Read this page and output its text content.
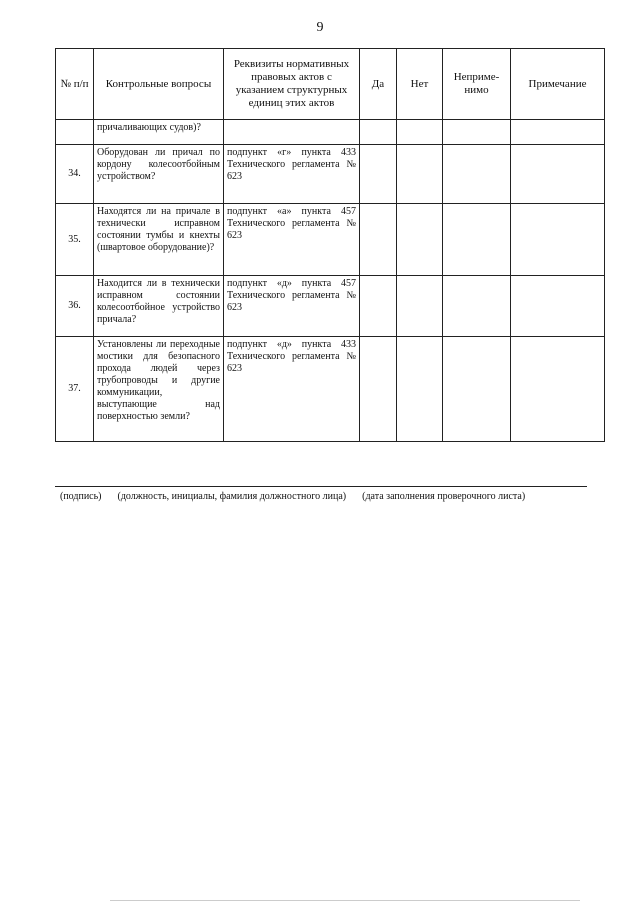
9
№ п/п	Контрольные вопросы	Реквизиты нормативных правовых актов с указанием структурных единиц этих актов	Да	Нет	Неприме-нимо	Примечание
	причаливающих судов)?					
34.	Оборудован ли причал по кордону колесоотбойным устройством?	подпункт «г» пункта 433 Технического регламента № 623				
35.	Находятся ли на причале в технически исправном состоянии тумбы и кнехты (швартовое оборудование)?	подпункт «а» пункта 457 Технического регламента № 623				
36.	Находится ли в технически исправном состоянии колесоотбойное устройство причала?	подпункт «д» пункта 457 Технического регламента № 623				
37.	Установлены ли переходные мостики для безопасного прохода людей через трубопроводы и другие коммуникации, выступающие над поверхностью земли?	подпункт «д» пункта 433 Технического регламента № 623				
(подпись) (должность, инициалы, фамилия должностного лица) (дата заполнения проверочного листа)
